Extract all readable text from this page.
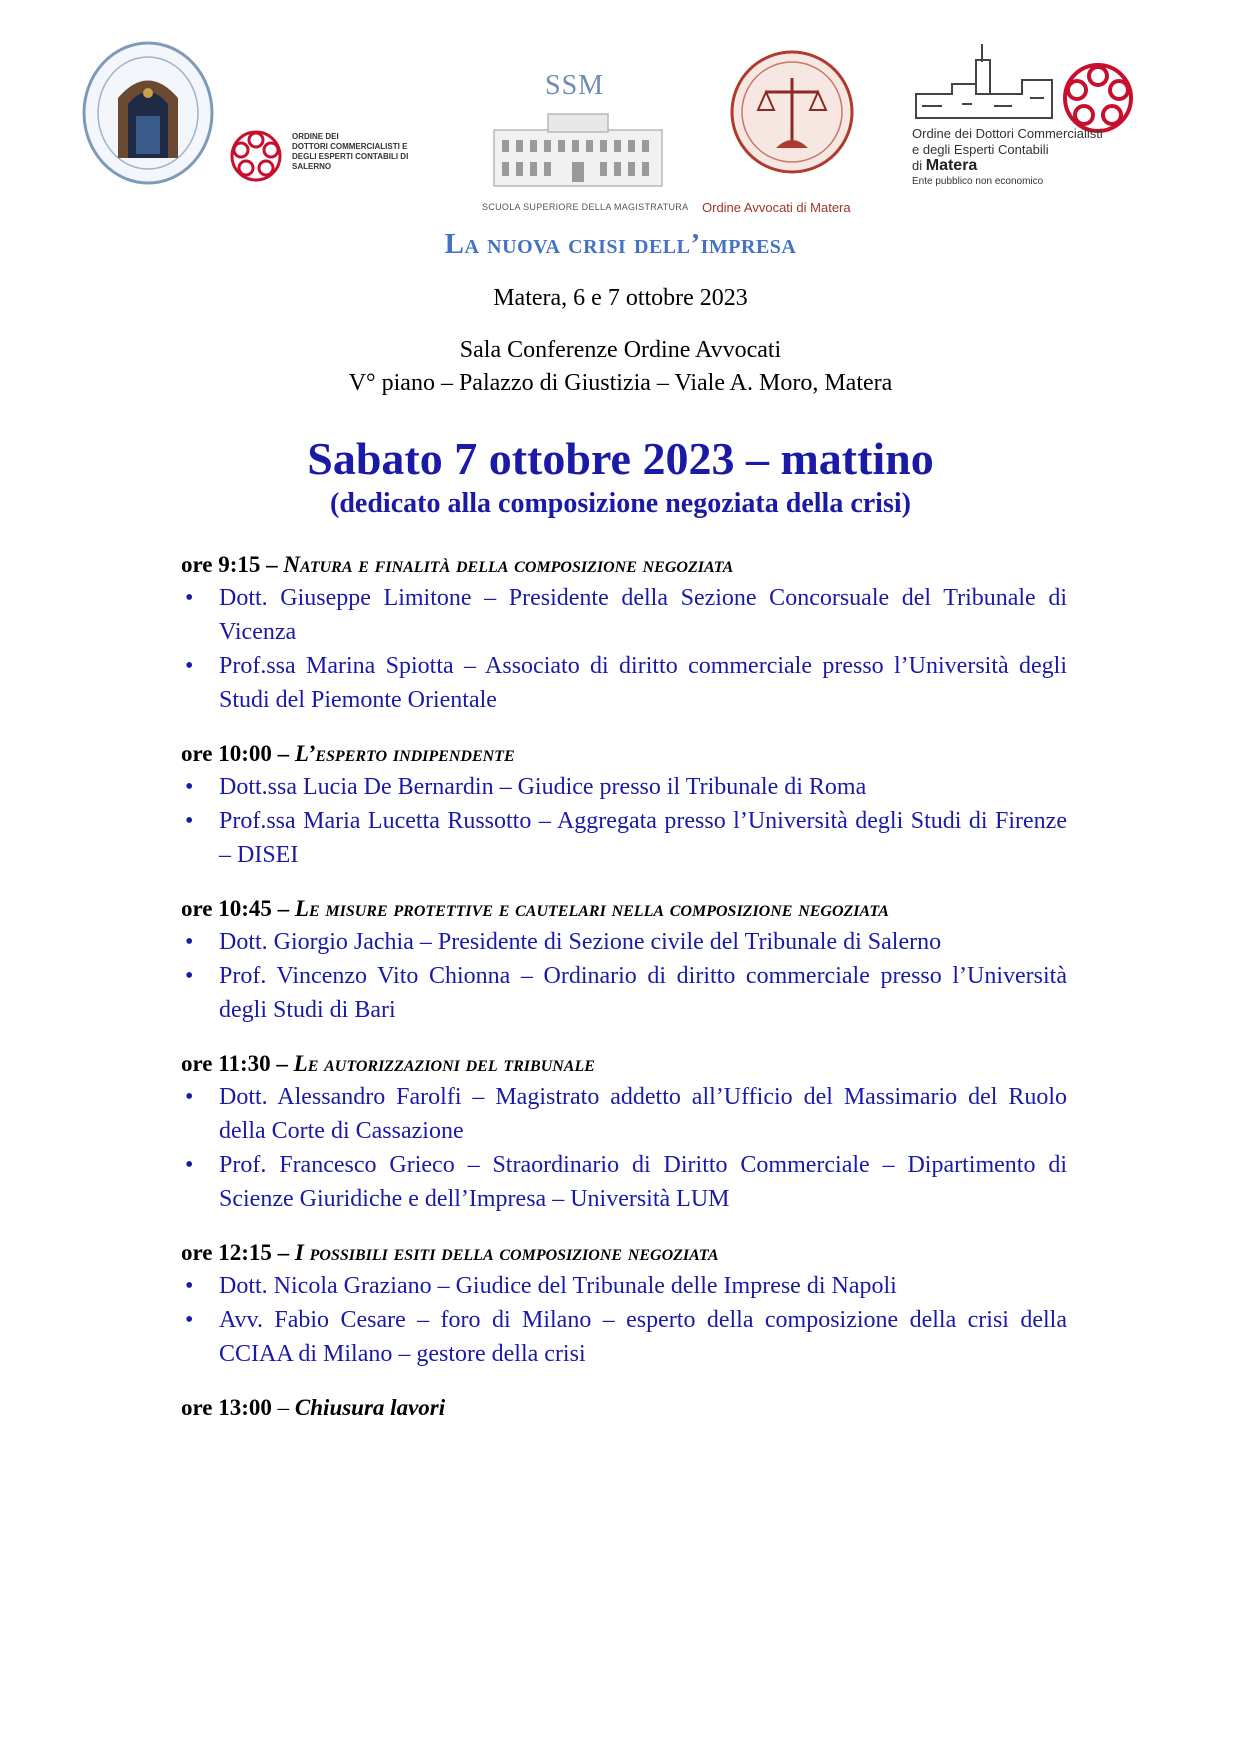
ORDINE DEI
DOTTORI COMMERCIALISTI E
DEGLI ESPERTI CONTABILI DI
SALERNO
SSM
SCUOLA SUPERIORE DELLA MAGISTRATURA Ordine Avvocati di Matera
Ordine dei Dottori Commercialisti
e degli Esperti Contabili
di Matera
Ente pubblico non economico
La nuova crisi dell’impresa
Matera, 6 e 7 ottobre 2023
Sala Conferenze Ordine Avvocati
V° piano – Palazzo di Giustizia – Viale A. Moro, Matera
Sabato 7 ottobre 2023 – mattino
(dedicato alla composizione negoziata della crisi)
ore 9:15 – Natura e finalità della composizione negoziata
• Dott. Giuseppe Limitone – Presidente della Sezione Concorsuale del Tribunale di Vicenza
• Prof.ssa Marina Spiotta – Associato di diritto commerciale presso l’Università degli Studi del Piemonte Orientale
ore 10:00 – L’esperto indipendente
• Dott.ssa Lucia De Bernardin – Giudice presso il Tribunale di Roma
• Prof.ssa Maria Lucetta Russotto – Aggregata presso l’Università degli Studi di Firenze – DISEI
ore 10:45 – Le misure protettive e cautelari nella composizione negoziata
• Dott. Giorgio Jachia – Presidente di Sezione civile del Tribunale di Salerno
• Prof. Vincenzo Vito Chionna – Ordinario di diritto commerciale presso l’Università degli Studi di Bari
ore 11:30 – Le autorizzazioni del tribunale
• Dott. Alessandro Farolfi – Magistrato addetto all’Ufficio del Massimario del Ruolo della Corte di Cassazione
• Prof. Francesco Grieco – Straordinario di Diritto Commerciale – Dipartimento di Scienze Giuridiche e dell’Impresa – Università LUM
ore 12:15 – I possibili esiti della composizione negoziata
• Dott. Nicola Graziano – Giudice del Tribunale delle Imprese di Napoli
• Avv. Fabio Cesare – foro di Milano – esperto della composizione della crisi della CCIAA di Milano – gestore della crisi
ore 13:00 – Chiusura lavori
